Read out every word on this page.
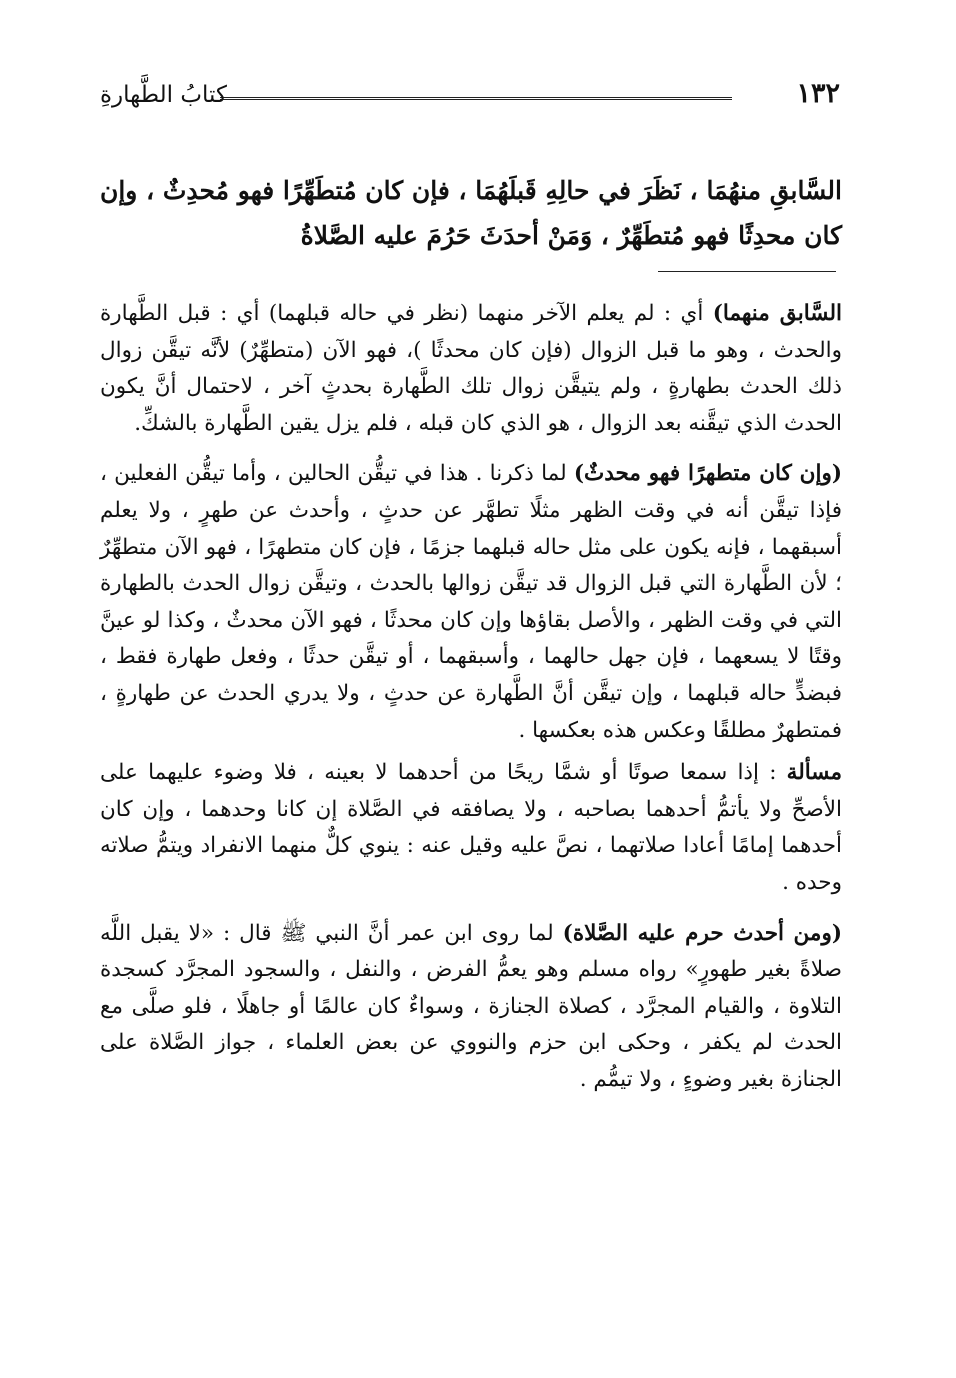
١٣٢
كتابُ الطَّهارةِ
السَّابقِ منهُمَا ، نَظَرَ في حالِهِ قَبلَهُمَا ، فإن كان مُتطَهِّرًا فهو مُحدِثٌ ، وإن كان محدِثًا فهو مُتطَهِّرٌ ، وَمَنْ أحدَثَ حَرُمَ عليه الصَّلاةُ

السَّابق منهما) أي : لم يعلم الآخر منهما (نظر في حاله قبلهما) أي : قبل الطَّهارة والحدث ، وهو ما قبل الزوال (فإن كان محدثًا )، فهو الآن (متطهِّرٌ) لأنَّه تيقَّن زوال ذلك الحدث بطهارةٍ ، ولم يتيقَّن زوال تلك الطَّهارة بحدثٍ آخر ، لاحتمال أنَّ يكون الحدث الذي تيقَّنه بعد الزوال ، هو الذي كان قبله ، فلم يزل يقين الطَّهارة بالشكِّ.

(وإن كان متطهرًا فهو محدثٌ) لما ذكرنا . هذا في تيقُّن الحالين ، وأما تيقُّن الفعلين ، فإذا تيقَّن أنه في وقت الظهر مثلًا تطهَّر عن حدثٍ ، وأحدث عن طهرٍ ، ولا يعلم أسبقهما ، فإنه يكون على مثل حاله قبلهما جزمًا ، فإن كان متطهرًا ، فهو الآن متطهِّرٌ ؛ لأن الطَّهارة التي قبل الزوال قد تيقَّن زوالها بالحدث ، وتيقَّن زوال الحدث بالطهارة التي في وقت الظهر ، والأصل بقاؤها وإن كان محدثًا ، فهو الآن محدثٌ ، وكذا لو عينَّ وقتًا لا يسعهما ، فإن جهل حالهما ، وأسبقهما ، أو تيقَّن حدثًا ، وفعل طهارة فقط ، فبضدٍّ حاله قبلهما ، وإن تيقَّن أنَّ الطَّهارة عن حدثٍ ، ولا يدري الحدث عن طهارةٍ ، فمتطهرٌ مطلقًا وعكس هذه بعكسها .

مسألة : إذا سمعا صوتًا أو شمَّا ريحًا من أحدهما لا بعينه ، فلا وضوء عليهما على الأصحِّ ولا يأتمُّ أحدهما بصاحبه ، ولا يصافقه في الصَّلاة إن كانا وحدهما ، وإن كان أحدهما إمامًا أعادا صلاتهما ، نصَّ عليه وقيل عنه : ينوي كلٌّ منهما الانفراد ويتمُّ صلاته وحده .

(ومن أحدث حرم عليه الصَّلاة) لما روى ابن عمر أنَّ النبي ﷺ قال : «لا يقبل اللَّه صلاةً بغير طهورٍ» رواه مسلم وهو يعمُّ الفرض ، والنفل ، والسجود المجرَّد كسجدة التلاوة ، والقيام المجرَّد ، كصلاة الجنازة ، وسواءٌ كان عالمًا أو جاهلًا ، فلو صلَّى مع الحدث لم يكفر ، وحكى ابن حزم والنووي عن بعض العلماء ، جواز الصَّلاة على الجنازة بغير وضوءٍ ، ولا تيمُّم .
